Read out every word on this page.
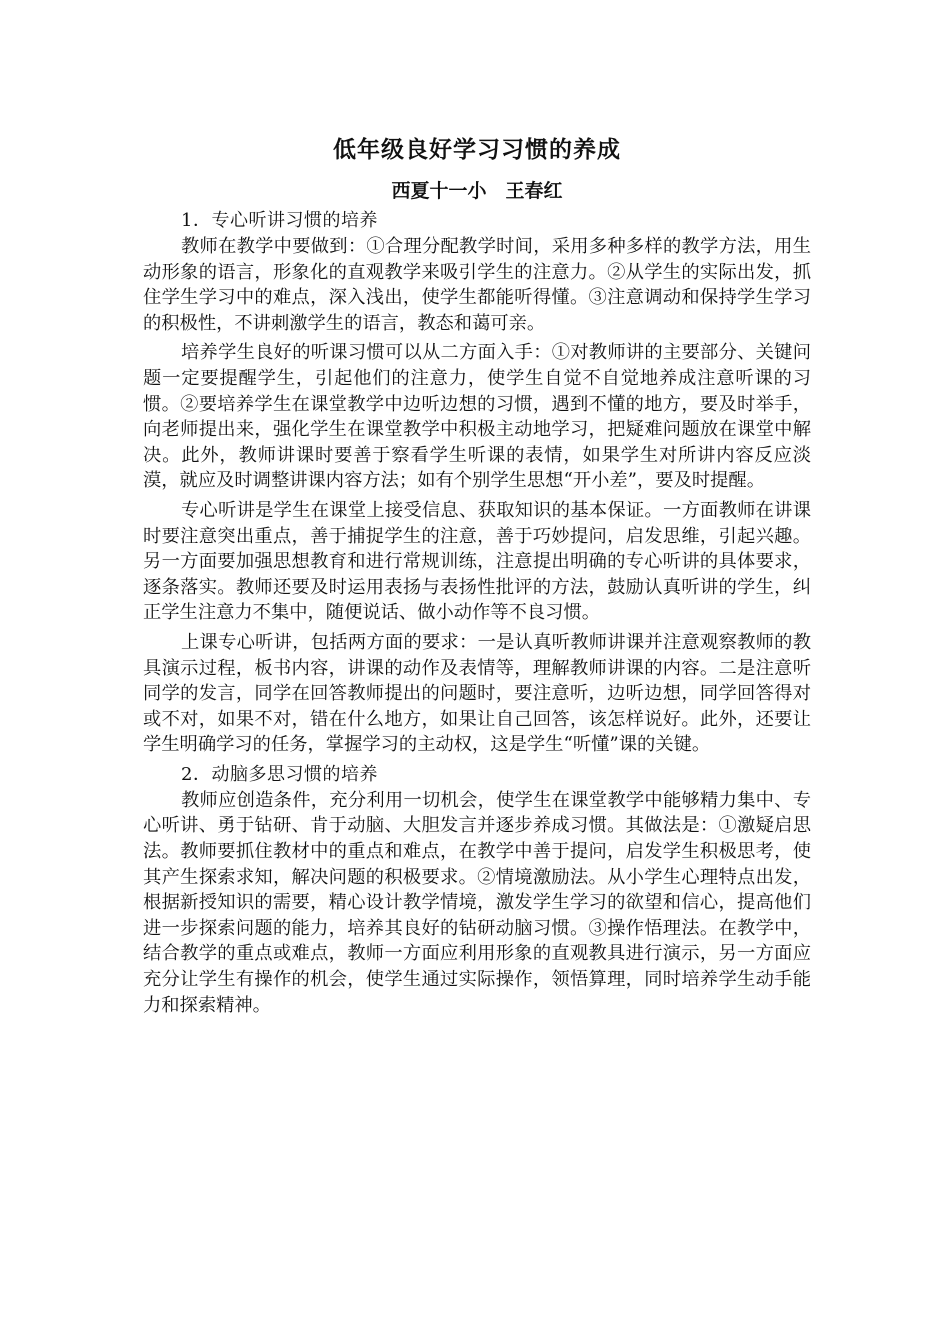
低年级良好学习习惯的养成

西夏十一小　王春红

1．专心听讲习惯的培养

教师在教学中要做到：①合理分配教学时间，采用多种多样的教学方法，用生动形象的语言，形象化的直观教学来吸引学生的注意力。②从学生的实际出发，抓住学生学习中的难点，深入浅出，使学生都能听得懂。③注意调动和保持学生学习的积极性，不讲刺激学生的语言，教态和蔼可亲。

培养学生良好的听课习惯可以从二方面入手：①对教师讲的主要部分、关键问题一定要提醒学生，引起他们的注意力，使学生自觉不自觉地养成注意听课的习惯。②要培养学生在课堂教学中边听边想的习惯，遇到不懂的地方，要及时举手，向老师提出来，强化学生在课堂教学中积极主动地学习，把疑难问题放在课堂中解决。此外，教师讲课时要善于察看学生听课的表情，如果学生对所讲内容反应淡漠，就应及时调整讲课内容方法；如有个别学生思想“开小差”，要及时提醒。

专心听讲是学生在课堂上接受信息、获取知识的基本保证。一方面教师在讲课时要注意突出重点，善于捕捉学生的注意，善于巧妙提问，启发思维，引起兴趣。另一方面要加强思想教育和进行常规训练，注意提出明确的专心听讲的具体要求，逐条落实。教师还要及时运用表扬与表扬性批评的方法，鼓励认真听讲的学生，纠正学生注意力不集中，随便说话、做小动作等不良习惯。

上课专心听讲，包括两方面的要求：一是认真听教师讲课并注意观察教师的教具演示过程，板书内容，讲课的动作及表情等，理解教师讲课的内容。二是注意听同学的发言，同学在回答教师提出的问题时，要注意听，边听边想，同学回答得对或不对，如果不对，错在什么地方，如果让自己回答，该怎样说好。此外，还要让学生明确学习的任务，掌握学习的主动权，这是学生“听懂”课的关键。

2．动脑多思习惯的培养

教师应创造条件，充分利用一切机会，使学生在课堂教学中能够精力集中、专心听讲、勇于钻研、肯于动脑、大胆发言并逐步养成习惯。其做法是：①激疑启思法。教师要抓住教材中的重点和难点，在教学中善于提问，启发学生积极思考，使其产生探索求知，解决问题的积极要求。②情境激励法。从小学生心理特点出发，根据新授知识的需要，精心设计教学情境，激发学生学习的欲望和信心，提高他们进一步探索问题的能力，培养其良好的钻研动脑习惯。③操作悟理法。在教学中，结合教学的重点或难点，教师一方面应利用形象的直观教具进行演示，另一方面应充分让学生有操作的机会，使学生通过实际操作，领悟算理，同时培养学生动手能力和探索精神。
